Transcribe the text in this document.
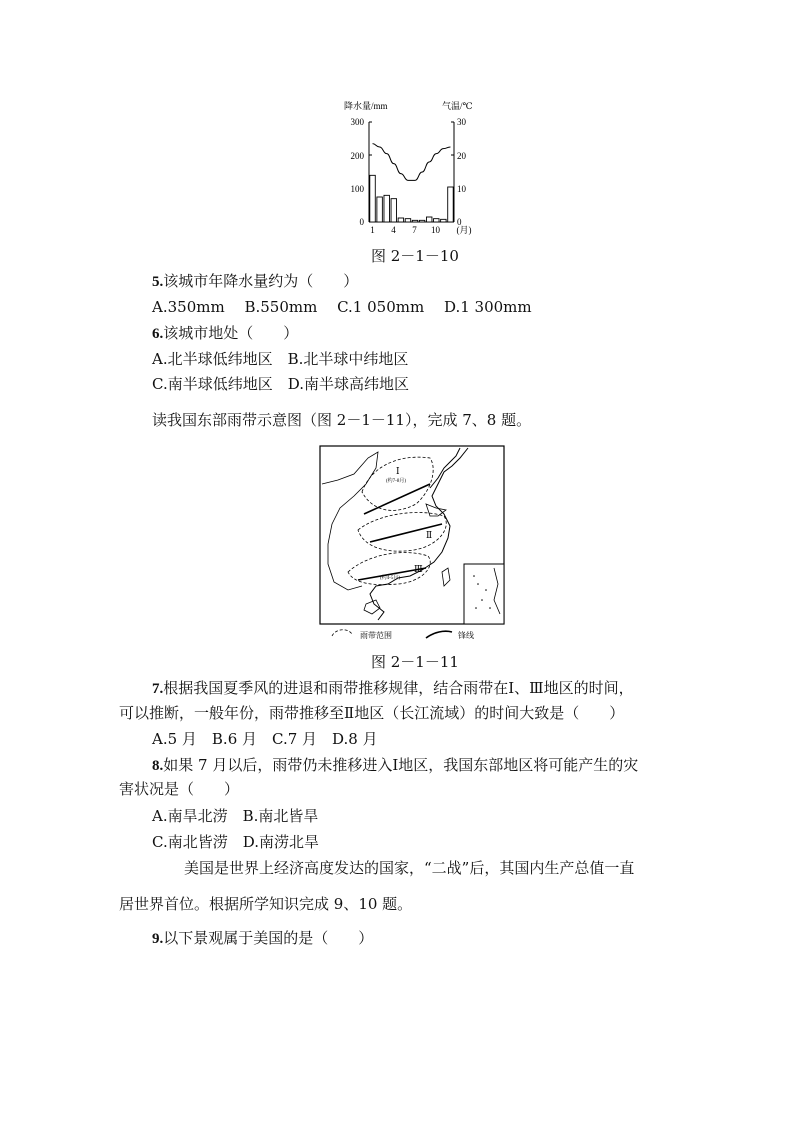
降水量/mm	气温/℃
300
200
100
0
30
20
10
0
1 4 7 10 (月)
图 2－1－10
5.该城市年降水量约为（　　）
A.350mm　 B.550mm　 C.1 050mm　 D.1 300mm
6.该城市地处（　　）
A.北半球低纬地区　B.北半球中纬地区
C.南半球低纬地区　D.南半球高纬地区
读我国东部雨带示意图（图 2－1－11），完成 7、8 题。
Ⅰ
(约7-8月)
Ⅱ
Ⅲ
(约4-5月)
雨带范围	锋线
图 2－1－11
7.根据我国夏季风的进退和雨带推移规律，结合雨带在Ⅰ、Ⅲ地区的时间，
可以推断，一般年份，雨带推移至Ⅱ地区（长江流域）的时间大致是（　　）
A.5 月　B.6 月　C.7 月　D.8 月
8.如果 7 月以后，雨带仍未推移进入Ⅰ地区，我国东部地区将可能产生的灾
害状况是（　　）
A.南旱北涝　B.南北皆旱
C.南北皆涝　D.南涝北旱
美国是世界上经济高度发达的国家，“二战”后，其国内生产总值一直
居世界首位。根据所学知识完成 9、10 题。
9.以下景观属于美国的是（　　）
